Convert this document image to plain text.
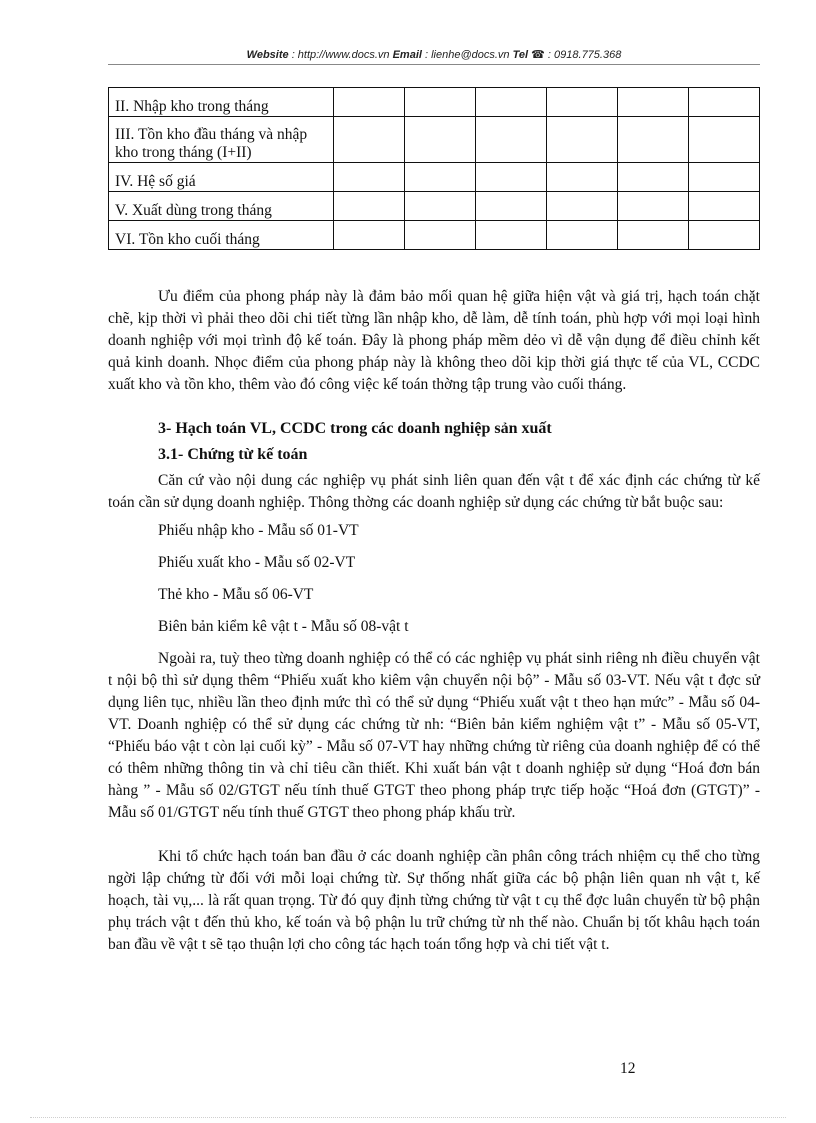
Website : http://www.docs.vn Email : lienhe@docs.vn Tel ☎ : 0918.775.368
II. Nhập kho trong tháng						
III. Tồn kho đầu tháng và nhập kho trong tháng (I+II)						
IV. Hệ số giá						
V. Xuất dùng trong tháng						
VI. Tồn kho cuối tháng						

Ưu điểm của phong pháp này là đảm bảo mối quan hệ giữa hiện vật và giá trị, hạch toán chặt chẽ, kịp thời vì phải theo dõi chi tiết từng lần nhập kho, dễ làm, dễ tính toán, phù hợp với mọi loại hình doanh nghiệp với mọi trình độ kế toán. Đây là phong pháp mềm dẻo vì dễ vận dụng để điều chỉnh kết quả kinh doanh. Nhọc điểm của phong pháp này là không theo dõi kịp thời giá thực tế của VL, CCDC xuất kho và tồn kho, thêm vào đó công việc kế toán thờng tập trung vào cuối tháng.

3- Hạch toán VL, CCDC trong các doanh nghiệp sản xuất

3.1- Chứng từ kế toán

Căn cứ vào nội dung các nghiệp vụ phát sinh liên quan đến vật t để xác định các chứng từ kế toán cần sử dụng doanh nghiệp. Thông thờng các doanh nghiệp sử dụng các chứng từ bắt buộc sau:

Phiếu nhập kho - Mẫu số 01-VT

Phiếu xuất kho - Mẫu số 02-VT

Thẻ kho - Mẫu số 06-VT

Biên bản kiểm kê vật t - Mẫu số 08-vật t

Ngoài ra, tuỳ theo từng doanh nghiệp có thể có các nghiệp vụ phát sinh riêng nh điều chuyển vật t nội bộ thì sử dụng thêm “Phiếu xuất kho kiêm vận chuyển nội bộ” - Mẫu số 03-VT. Nếu vật t đợc sử dụng liên tục, nhiều lần theo định mức thì có thể sử dụng “Phiếu xuất vật t theo hạn mức” - Mẫu số 04-VT. Doanh nghiệp có thể sử dụng các chứng từ nh: “Biên bản kiểm nghiệm vật t” - Mẫu số 05-VT, “Phiếu báo vật t còn lại cuối kỳ” - Mẫu số 07-VT hay những chứng từ riêng của doanh nghiệp để có thể có thêm những thông tin và chỉ tiêu cần thiết. Khi xuất bán vật t doanh nghiệp sử dụng “Hoá đơn bán hàng ” - Mẫu số 02/GTGT nếu tính thuế GTGT theo phong pháp trực tiếp hoặc “Hoá đơn (GTGT)” - Mẫu số 01/GTGT nếu tính thuế GTGT theo phong pháp khấu trừ.

Khi tổ chức hạch toán ban đầu ở các doanh nghiệp cần phân công trách nhiệm cụ thể cho từng ngời lập chứng từ đối với mỗi loại chứng từ. Sự thống nhất giữa các bộ phận liên quan nh vật t, kế hoạch, tài vụ,... là rất quan trọng. Từ đó quy định từng chứng từ vật t cụ thể đợc luân chuyển từ bộ phận phụ trách vật t đến thủ kho, kế toán và bộ phận lu trữ chứng từ nh thế nào. Chuẩn bị tốt khâu hạch toán ban đầu về vật t sẽ tạo thuận lợi cho công tác hạch toán tổng hợp và chi tiết vật t.

12
